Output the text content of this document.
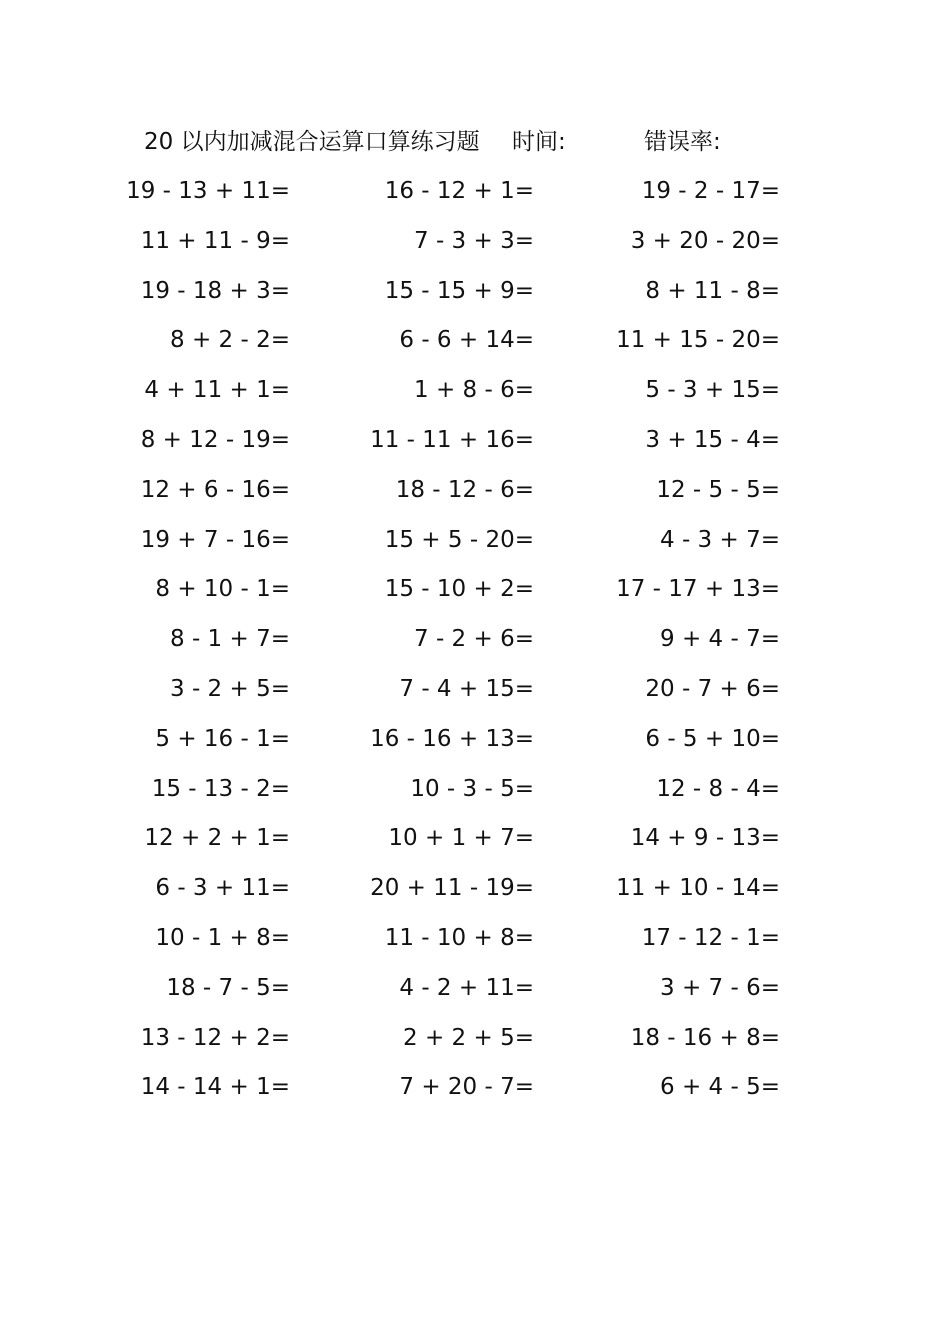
20 以内加减混合运算口算练习题 时间:	错误率:
19 - 13 + 11=	16 - 12 + 1=	19 - 2 - 17=
11 + 11 - 9=	7 - 3 + 3=	3 + 20 - 20=
19 - 18 + 3=	15 - 15 + 9=	8 + 11 - 8=
8 + 2 - 2=	6 - 6 + 14=	11 + 15 - 20=
4 + 11 + 1=	1 + 8 - 6=	5 - 3 + 15=
8 + 12 - 19=	11 - 11 + 16=	3 + 15 - 4=
12 + 6 - 16=	18 - 12 - 6=	12 - 5 - 5=
19 + 7 - 16=	15 + 5 - 20=	4 - 3 + 7=
8 + 10 - 1=	15 - 10 + 2=	17 - 17 + 13=
8 - 1 + 7=	7 - 2 + 6=	9 + 4 - 7=
3 - 2 + 5=	7 - 4 + 15=	20 - 7 + 6=
5 + 16 - 1=	16 - 16 + 13=	6 - 5 + 10=
15 - 13 - 2=	10 - 3 - 5=	12 - 8 - 4=
12 + 2 + 1=	10 + 1 + 7=	14 + 9 - 13=
6 - 3 + 11=	20 + 11 - 19=	11 + 10 - 14=
10 - 1 + 8=	11 - 10 + 8=	17 - 12 - 1=
18 - 7 - 5=	4 - 2 + 11=	3 + 7 - 6=
13 - 12 + 2=	2 + 2 + 5=	18 - 16 + 8=
14 - 14 + 1=	7 + 20 - 7=	6 + 4 - 5=
